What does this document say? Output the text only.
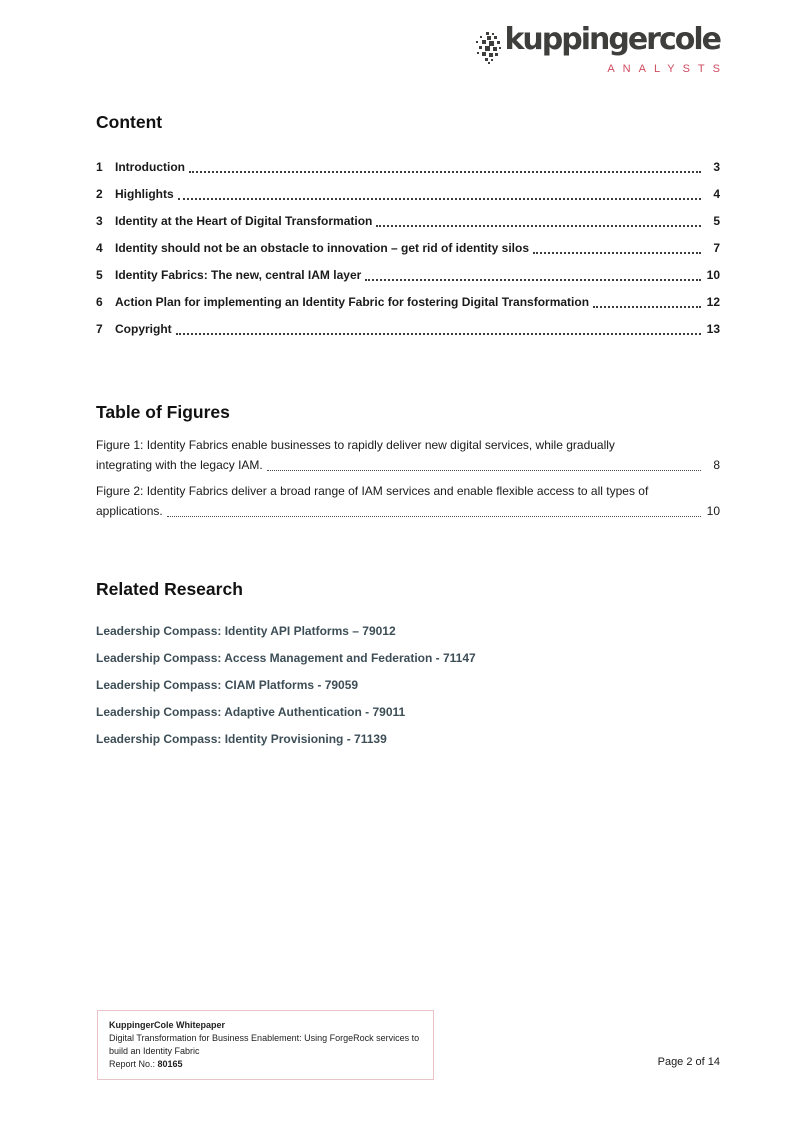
kuppingercole
ANALYSTS
Content
1	Introduction	3
2	Highlights	4
3	Identity at the Heart of Digital Transformation	5
4	Identity should not be an obstacle to innovation – get rid of identity silos	7
5	Identity Fabrics: The new, central IAM layer	10
6	Action Plan for implementing an Identity Fabric for fostering Digital Transformation	12
7	Copyright	13
Table of Figures
Figure 1: Identity Fabrics enable businesses to rapidly deliver new digital services, while gradually
integrating with the legacy IAM.	8
Figure 2: Identity Fabrics deliver a broad range of IAM services and enable flexible access to all types of
applications.	10
Related Research
Leadership Compass: Identity API Platforms – 79012
Leadership Compass: Access Management and Federation - 71147
Leadership Compass: CIAM Platforms - 79059
Leadership Compass: Adaptive Authentication - 79011
Leadership Compass: Identity Provisioning - 71139
KuppingerCole Whitepaper
Digital Transformation for Business Enablement: Using ForgeRock services to
build an Identity Fabric
Report No.: 80165	Page 2 of 14
